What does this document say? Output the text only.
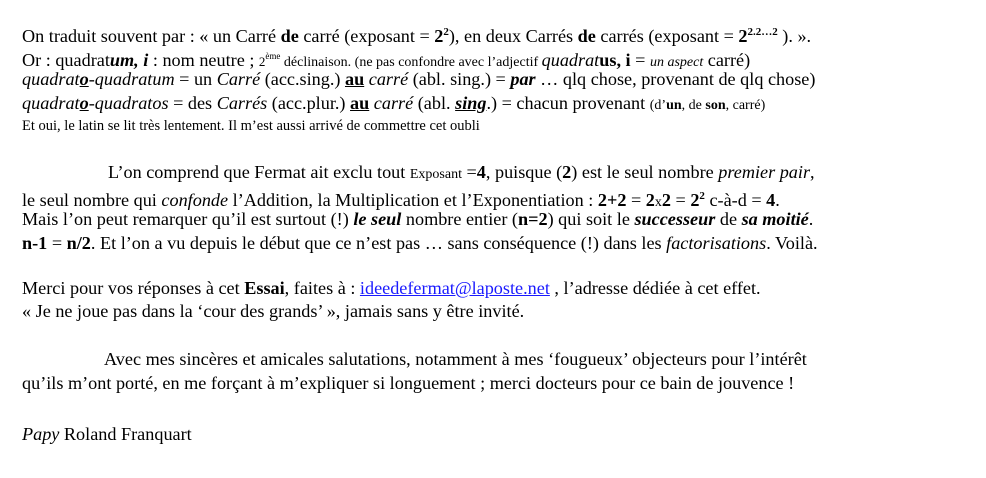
On traduit souvent par : « un Carré de carré (exposant = $2^2$), en deux Carrés de carrés (exposant = $2^{2.2\dots 2}$ ). ».
Or : quadratum, i : nom neutre ; 2ème déclinaison. (ne pas confondre avec l’adjectif quadratus, i = un aspect carré)
quadrato-quadratum = un Carré (acc.sing.) au carré (abl. sing.) = par … qlq chose, provenant de qlq chose)
quadrato-quadratos = des Carrés (acc.plur.) au carré (abl. sing.) = chacun provenant (d’un, de son, carré)
Et oui, le latin se lit très lentement. Il m’est aussi arrivé de commettre cet oubli
L’on comprend que Fermat ait exclu tout Exposant =4, puisque (2) est le seul nombre premier pair,
le seul nombre qui confonde l’Addition, la Multiplication et l’Exponentiation : $2+2 = 2x2 = 2^2$ c-à-d = 4.
Mais l’on peut remarquer qu’il est surtout (!) le seul nombre entier (n=2) qui soit le successeur de sa moitié.
n-1 = n/2. Et l’on a vu depuis le début que ce n’est pas … sans conséquence (!) dans les factorisations. Voilà.
Merci pour vos réponses à cet Essai, faites à : ideedefermat@laposte.net , l’adresse dédiée à cet effet.
« Je ne joue pas dans la ‘cour des grands’ », jamais sans y être invité.
Avec mes sincères et amicales salutations, notamment à mes ‘fougueux’ objecteurs pour l’intérêt
qu’ils m’ont porté, en me forçant à m’expliquer si longuement ; merci docteurs pour ce bain de jouvence !
Papy Roland Franquart
